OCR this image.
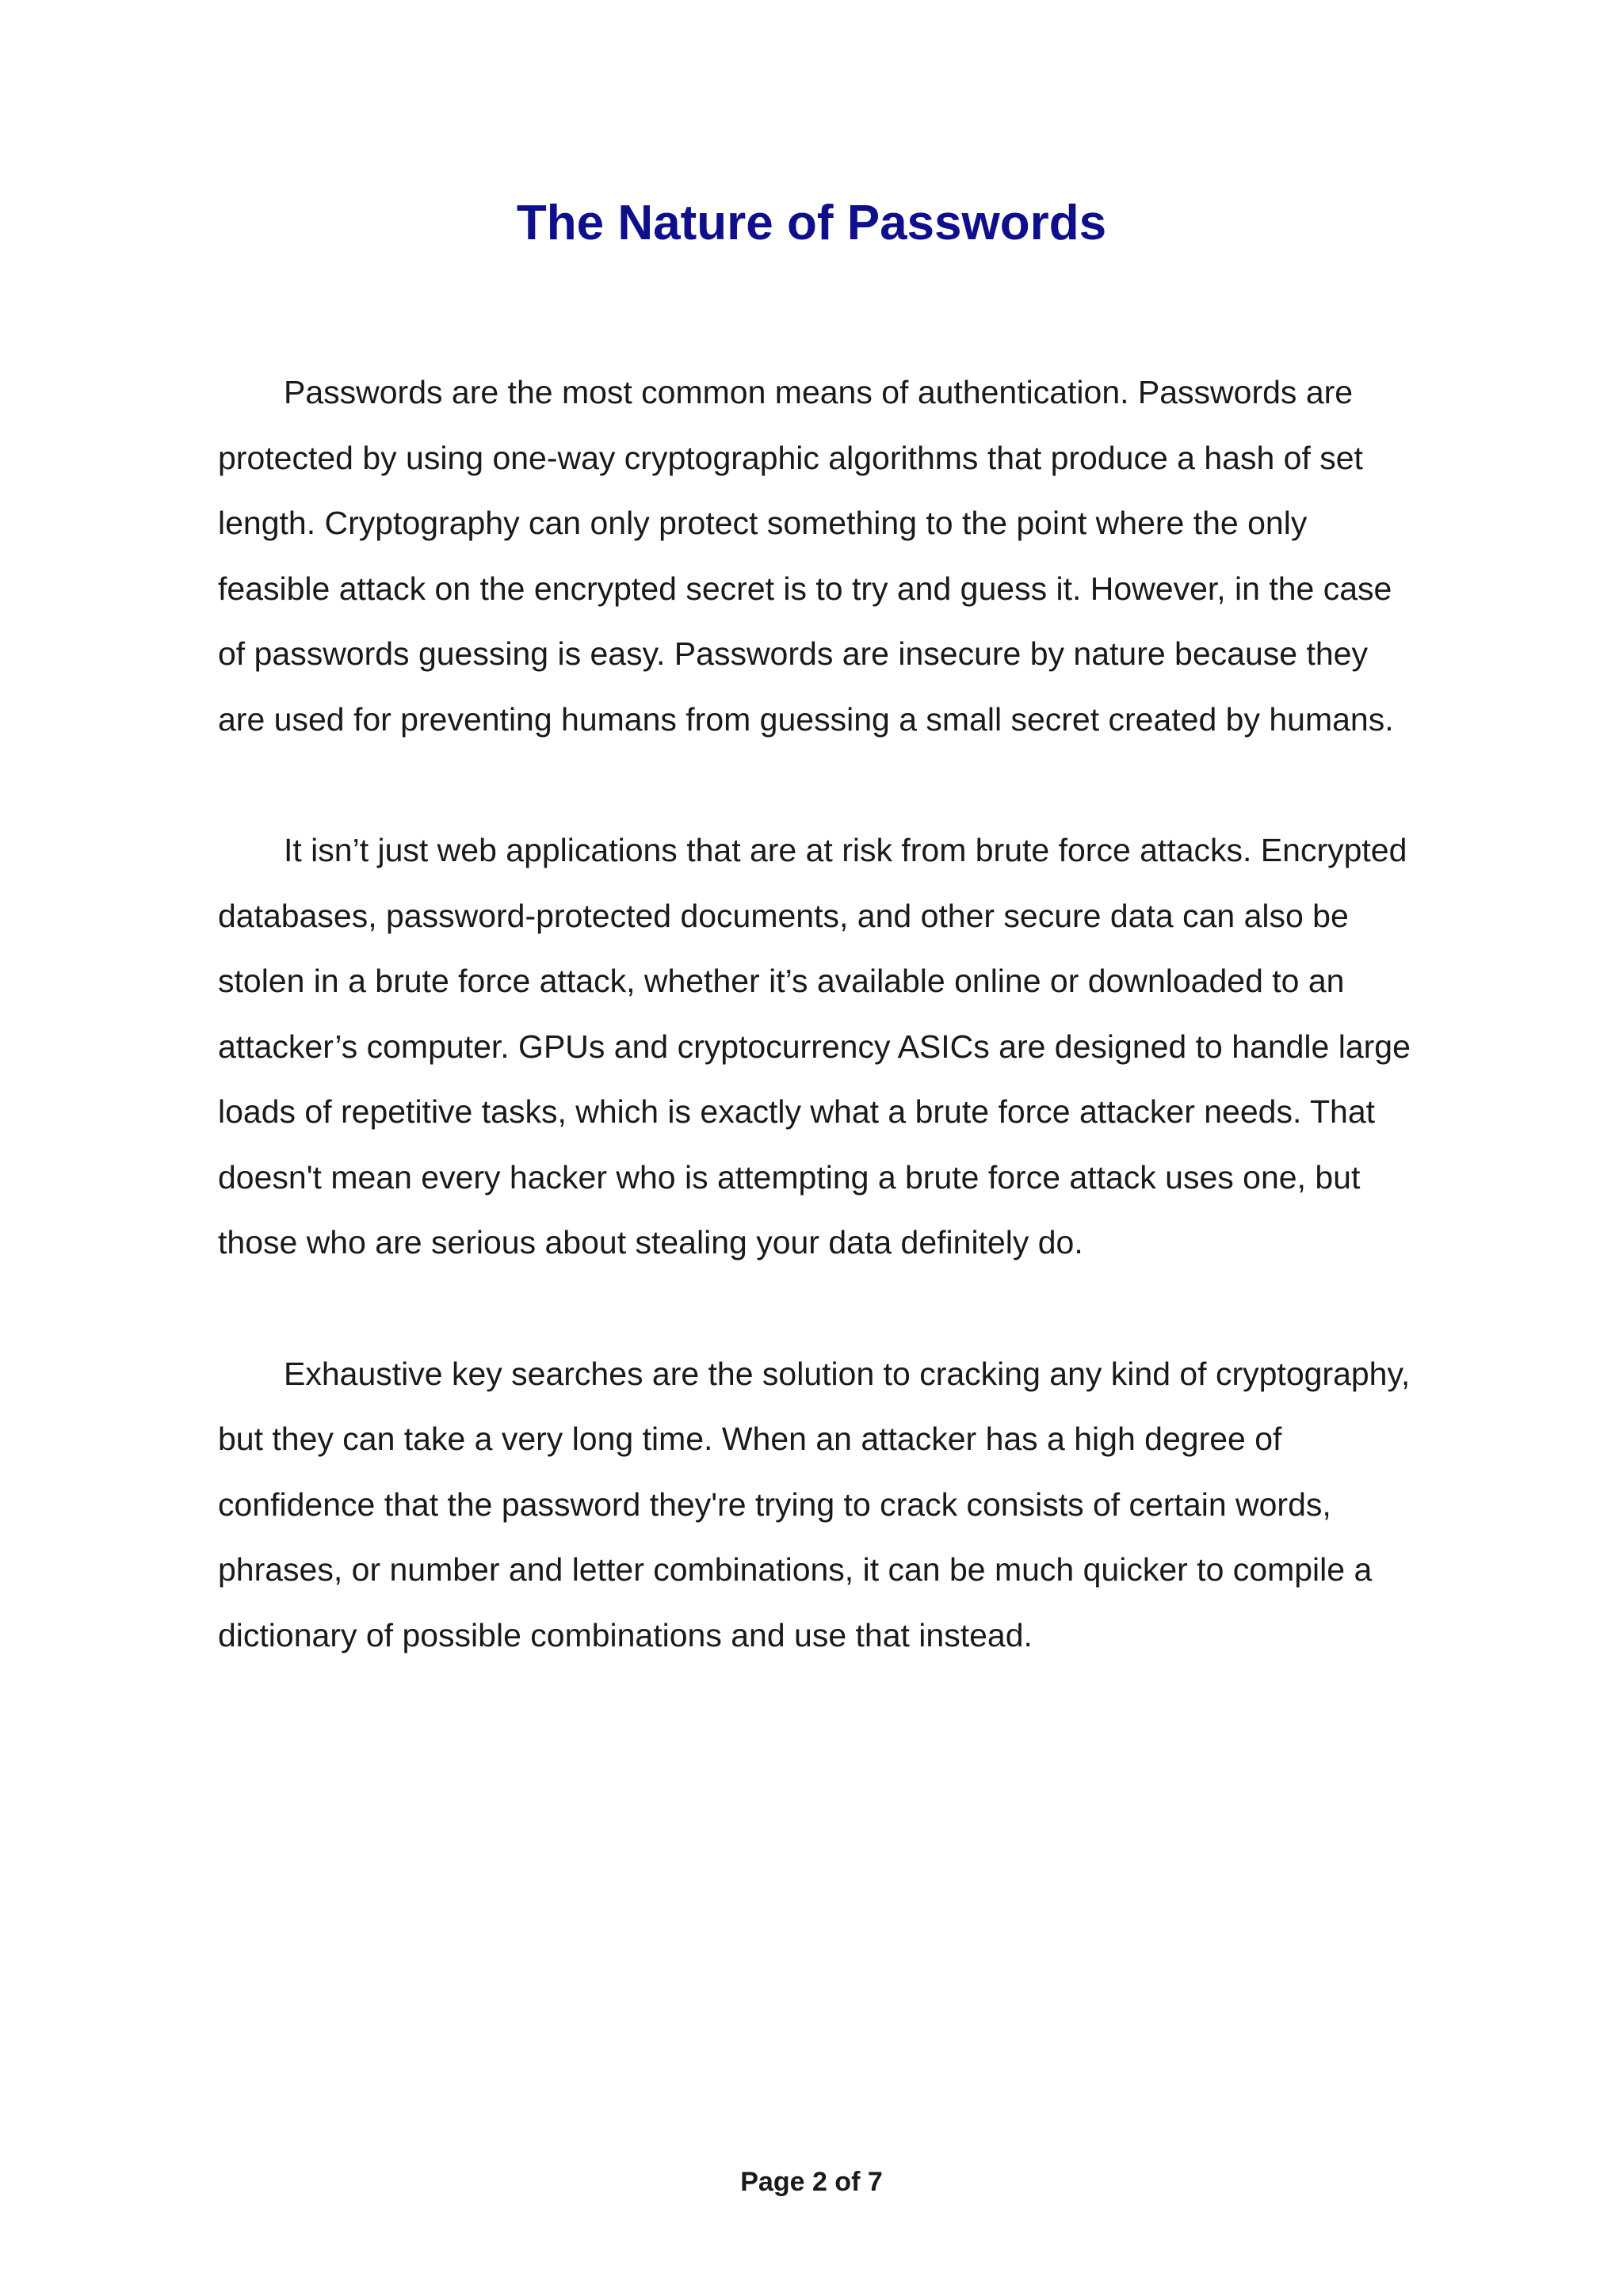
The Nature of Passwords

Passwords are the most common means of authentication. Passwords are protected by using one-way cryptographic algorithms that produce a hash of set length. Cryptography can only protect something to the point where the only feasible attack on the encrypted secret is to try and guess it. However, in the case of passwords guessing is easy. Passwords are insecure by nature because they are used for preventing humans from guessing a small secret created by humans.

It isn’t just web applications that are at risk from brute force attacks. Encrypted databases, password-protected documents, and other secure data can also be stolen in a brute force attack, whether it’s available online or downloaded to an attacker’s computer. GPUs and cryptocurrency ASICs are designed to handle large loads of repetitive tasks, which is exactly what a brute force attacker needs. That doesn't mean every hacker who is attempting a brute force attack uses one, but those who are serious about stealing your data definitely do.

Exhaustive key searches are the solution to cracking any kind of cryptography, but they can take a very long time. When an attacker has a high degree of confidence that the password they're trying to crack consists of certain words, phrases, or number and letter combinations, it can be much quicker to compile a dictionary of possible combinations and use that instead.

Page 2 of 7
